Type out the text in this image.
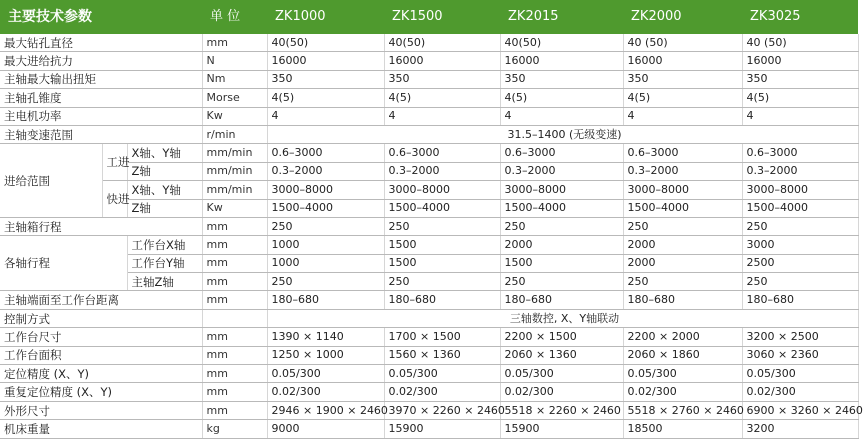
主要技术参数			单 位	ZK1000	ZK1500	ZK2015	ZK2000	ZK3025
最大钻孔直径			mm	40(50)	40(50)	40(50)	40 (50)	40 (50)
最大进给抗力			N	16000	16000	16000	16000	16000
主轴最大输出扭矩			Nm	350	350	350	350	350
主轴孔锥度			Morse	4(5)	4(5)	4(5)	4(5)	4(5)
主电机功率			Kw	4	4	4	4	4
主轴变速范围			r/min	31.5–1400 (无级变速)				
进给范围	工进	X轴、Y轴	mm/min	0.6–3000	0.6–3000	0.6–3000	0.6–3000	0.6–3000
		Z轴	mm/min	0.3–2000	0.3–2000	0.3–2000	0.3–2000	0.3–2000
	快进	X轴、Y轴	mm/min	3000–8000	3000–8000	3000–8000	3000–8000	3000–8000
		Z轴	Kw	1500–4000	1500–4000	1500–4000	1500–4000	1500–4000
主轴箱行程			mm	250	250	250	250	250
各轴行程		工作台X轴	mm	1000	1500	2000	2000	3000
		工作台Y轴	mm	1000	1500	1500	2000	2500
		主轴Z轴	mm	250	250	250	250	250
主轴端面至工作台距离			mm	180–680	180–680	180–680	180–680	180–680
控制方式				三轴数控, X、Y轴联动				
工作台尺寸			mm	1390 × 1140	1700 × 1500	2200 × 1500	2200 × 2000	3200 × 2500
工作台面积			mm	1250 × 1000	1560 × 1360	2060 × 1360	2060 × 1860	3060 × 2360
定位精度 (X、Y)			mm	0.05/300	0.05/300	0.05/300	0.05/300	0.05/300
重复定位精度 (X、Y)			mm	0.02/300	0.02/300	0.02/300	0.02/300	0.02/300
外形尺寸			mm	2946 × 1900 × 2460	3970 × 2260 × 2460	5518 × 2260 × 2460	5518 × 2760 × 2460	6900 × 3260 × 2460
机床重量			kg	9000	15900	15900	18500	3200
